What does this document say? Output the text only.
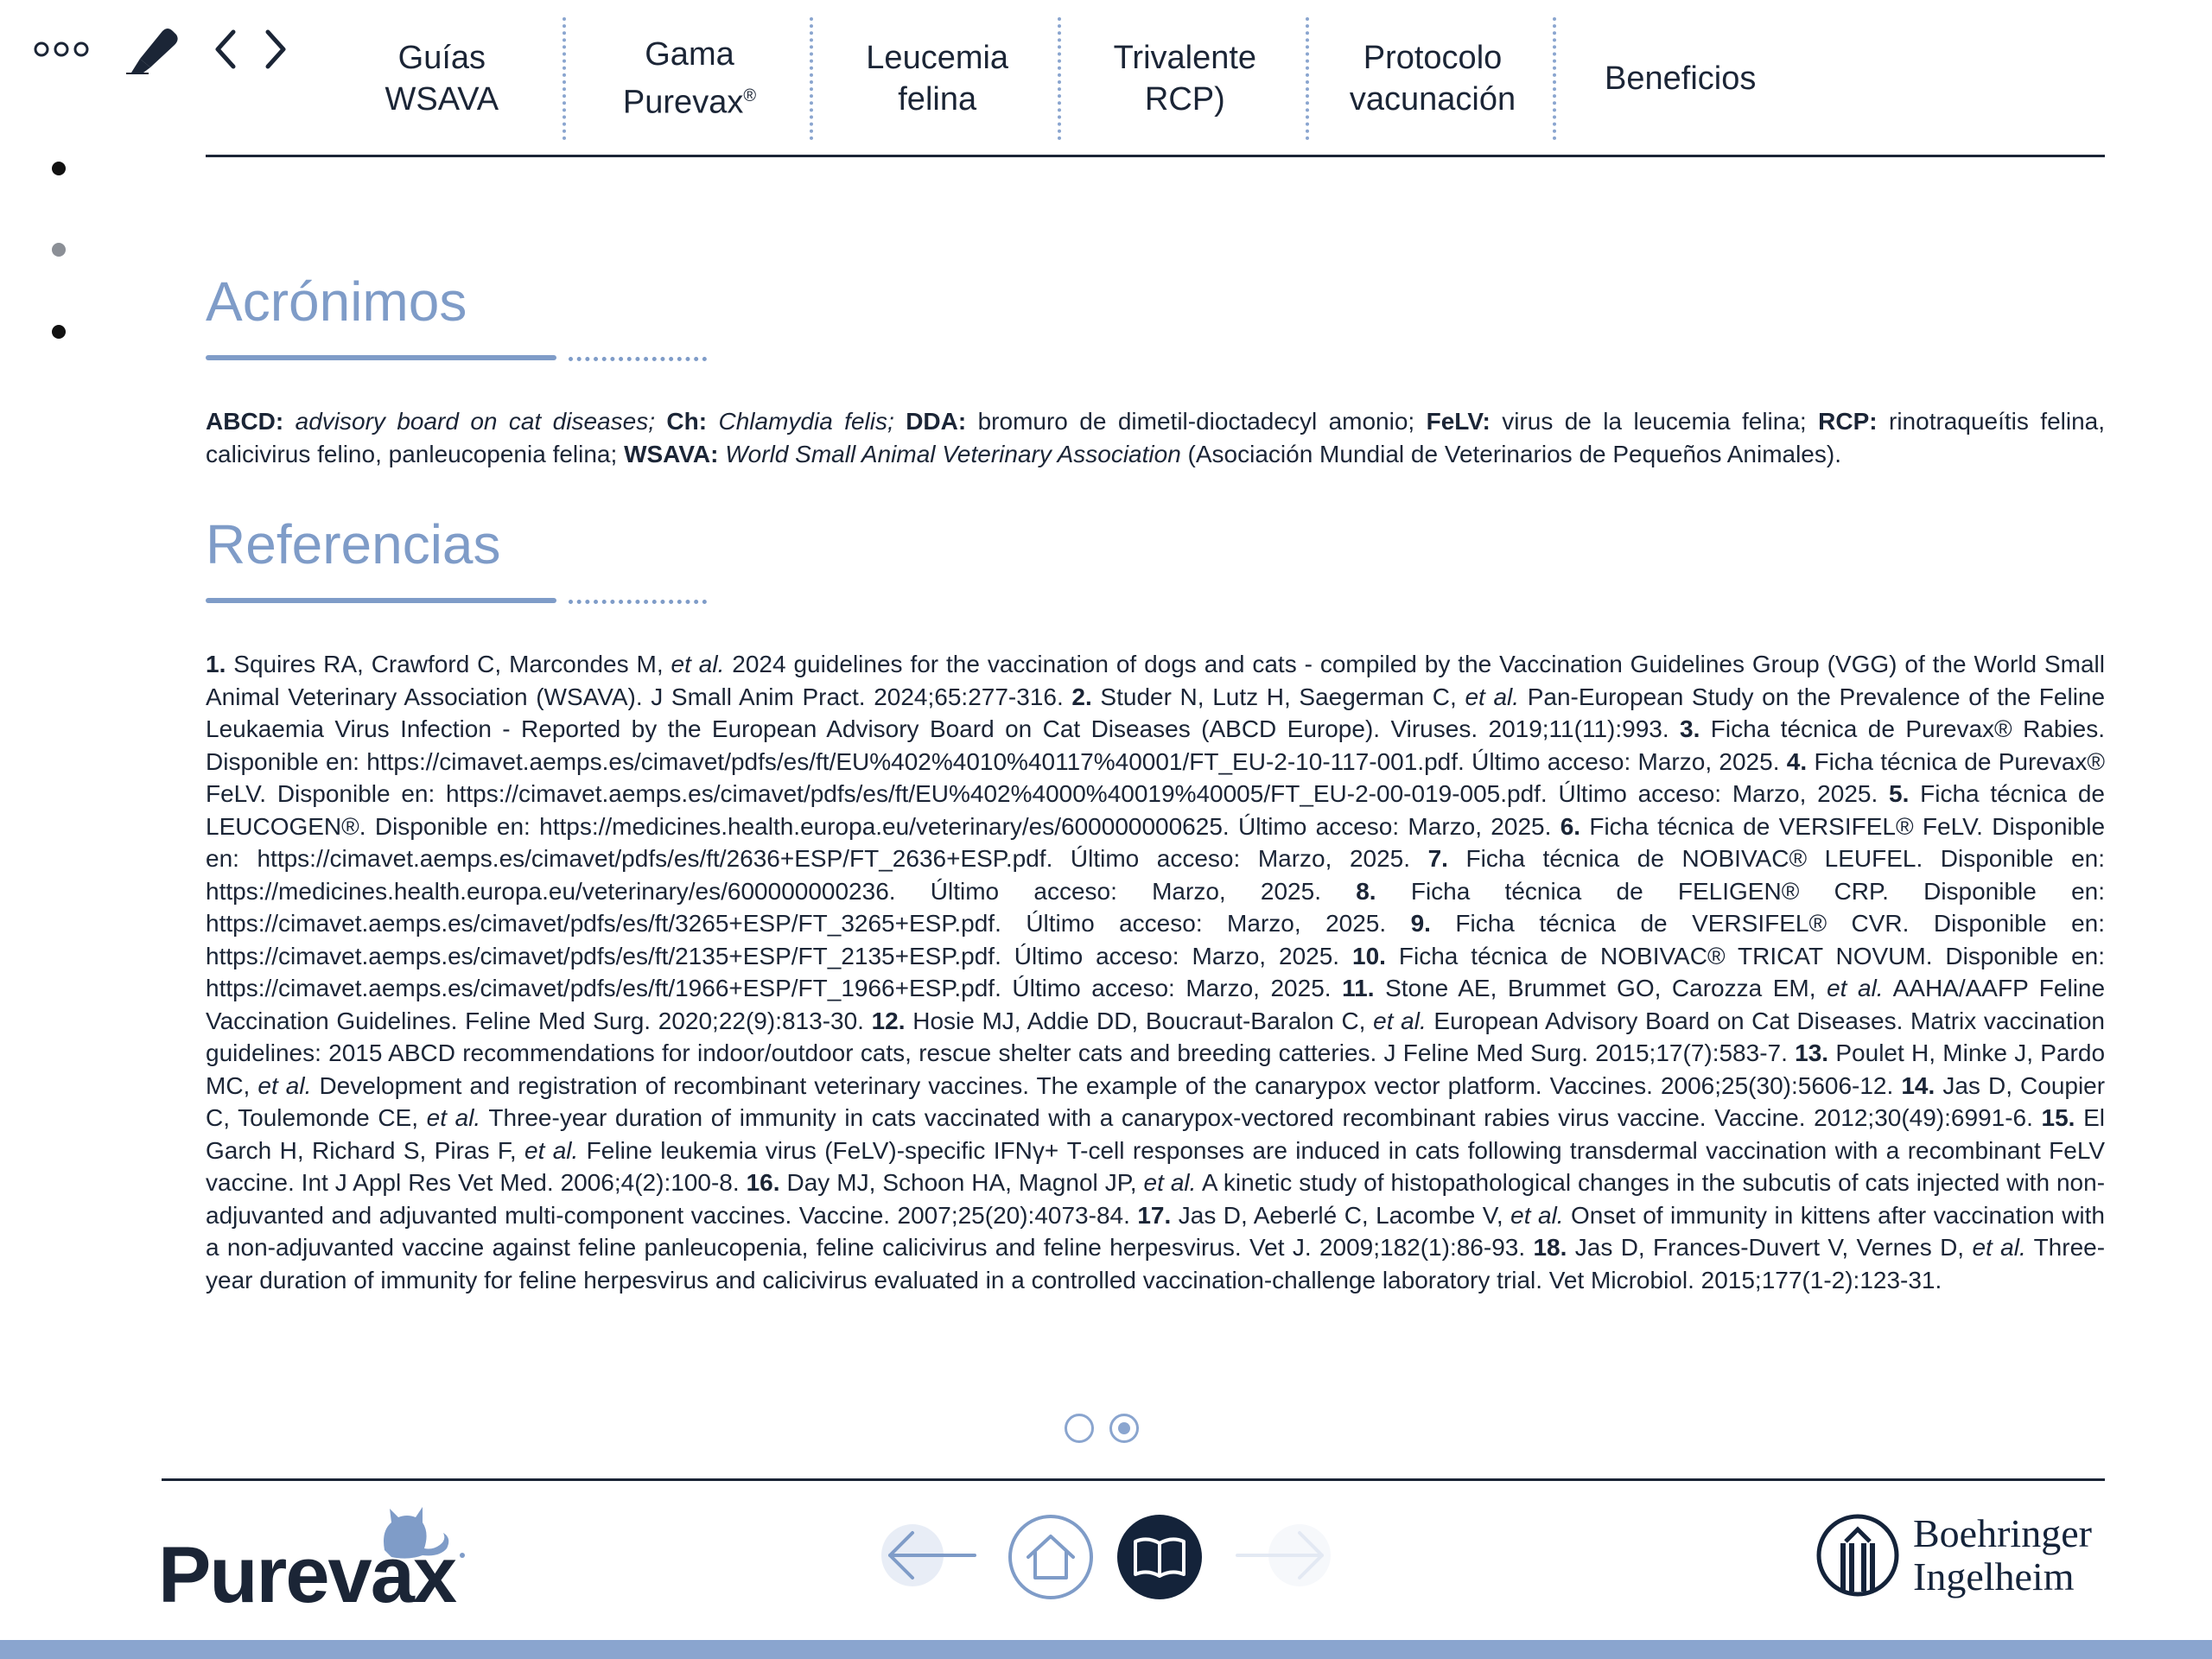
Guías
WSAVA
Gama
Purevax®
Leucemia
felina
Trivalente
RCP)
Protocolo
vacunación
Beneficios
Acrónimos

ABCD: advisory board on cat diseases; Ch: Chlamydia felis; DDA: bromuro de dimetil-dioctadecyl amonio; FeLV: virus de la leucemia felina; RCP: rinotraqueítis felina, calicivirus felino, panleucopenia felina; WSAVA: World Small Animal Veterinary Association (Asociación Mundial de Veterinarios de Pequeños Animales).

Referencias

1. Squires RA, Crawford C, Marcondes M, et al. 2024 guidelines for the vaccination of dogs and cats - compiled by the Vaccination Guidelines Group (VGG) of the World Small Animal Veterinary Association (WSAVA). J Small Anim Pract. 2024;65:277-316. 2. Studer N, Lutz H, Saegerman C, et al. Pan-European Study on the Prevalence of the Feline Leukaemia Virus Infection - Reported by the European Advisory Board on Cat Diseases (ABCD Europe). Viruses. 2019;11(11):993. 3. Ficha técnica de Purevax® Rabies. Disponible en: https://cimavet.aemps.es/cimavet/pdfs/es/ft/EU%402%4010%40117%40001/FT_EU-2-10-117-001.pdf. Último acceso: Marzo, 2025. 4. Ficha técnica de Purevax® FeLV. Disponible en: https://cimavet.aemps.es/cimavet/pdfs/es/ft/EU%402%4000%40019%40005/FT_EU-2-00-019-005.pdf. Último acceso: Marzo, 2025. 5. Ficha técnica de LEUCOGEN®. Disponible en: https://medicines.health.europa.eu/veterinary/es/600000000625. Último acceso: Marzo, 2025. 6. Ficha técnica de VERSIFEL® FeLV. Disponible en: https://cimavet.aemps.es/cimavet/pdfs/es/ft/2636+ESP/FT_2636+ESP.pdf. Último acceso: Marzo, 2025. 7. Ficha técnica de NOBIVAC® LEUFEL. Disponible en: https://medicines.health.europa.eu/veterinary/es/600000000236. Último acceso: Marzo, 2025. 8. Ficha técnica de FELIGEN® CRP. Disponible en: https://cimavet.aemps.es/cimavet/pdfs/es/ft/3265+ESP/FT_3265+ESP.pdf. Último acceso: Marzo, 2025. 9. Ficha técnica de VERSIFEL® CVR. Disponible en: https://cimavet.aemps.es/cimavet/pdfs/es/ft/2135+ESP/FT_2135+ESP.pdf. Último acceso: Marzo, 2025. 10. Ficha técnica de NOBIVAC® TRICAT NOVUM. Disponible en: https://cimavet.aemps.es/cimavet/pdfs/es/ft/1966+ESP/FT_1966+ESP.pdf. Último acceso: Marzo, 2025. 11. Stone AE, Brummet GO, Carozza EM, et al. AAHA/AAFP Feline Vaccination Guidelines. Feline Med Surg. 2020;22(9):813-30. 12. Hosie MJ, Addie DD, Boucraut-Baralon C, et al. European Advisory Board on Cat Diseases. Matrix vaccination guidelines: 2015 ABCD recommendations for indoor/outdoor cats, rescue shelter cats and breeding catteries. J Feline Med Surg. 2015;17(7):583-7. 13. Poulet H, Minke J, Pardo MC, et al. Development and registration of recombinant veterinary vaccines. The example of the canarypox vector platform. Vaccines. 2006;25(30):5606-12. 14. Jas D, Coupier C, Toulemonde CE, et al. Three-year duration of immunity in cats vaccinated with a canarypox-vectored recombinant rabies virus vaccine. Vaccine. 2012;30(49):6991-6. 15. El Garch H, Richard S, Piras F, et al. Feline leukemia virus (FeLV)-specific IFNγ+ T-cell responses are induced in cats following transdermal vaccination with a recombinant FeLV vaccine. Int J Appl Res Vet Med. 2006;4(2):100-8. 16. Day MJ, Schoon HA, Magnol JP, et al. A kinetic study of histopathological changes in the subcutis of cats injected with non-adjuvanted and adjuvanted multi-component vaccines. Vaccine. 2007;25(20):4073-84. 17. Jas D, Aeberlé C, Lacombe V, et al. Onset of immunity in kittens after vaccination with a non-adjuvanted vaccine against feline panleucopenia, feline calicivirus and feline herpesvirus. Vet J. 2009;182(1):86-93. 18. Jas D, Frances-Duvert V, Vernes D, et al. Three-year duration of immunity for feline herpesvirus and calicivirus evaluated in a controlled vaccination-challenge laboratory trial. Vet Microbiol. 2015;177(1-2):123-31.

Purevax	Boehringer
Ingelheim
